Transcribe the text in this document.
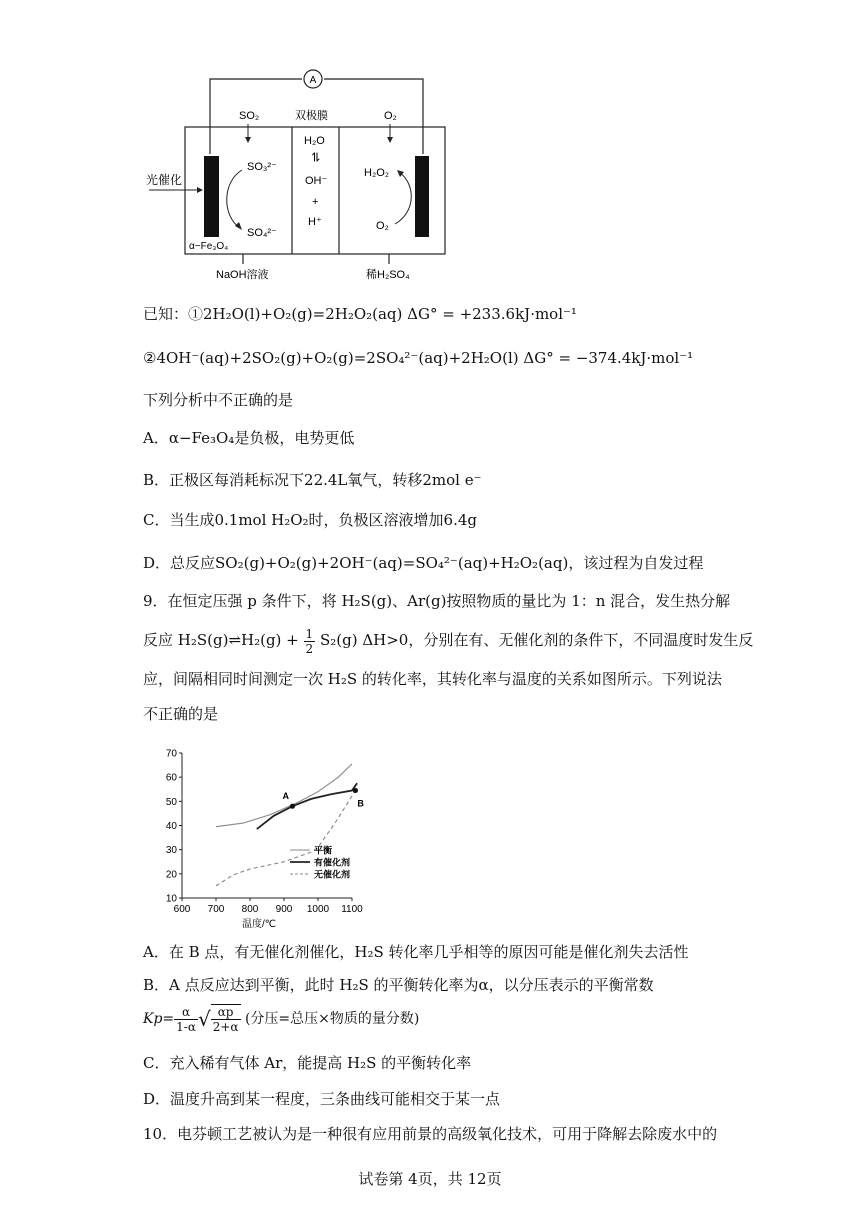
A
光催化
SO₂	O₂
双极膜
SO₃²⁻
SO₄²⁻
H₂O
⇌
OH⁻
+
H⁺
H₂O₂
O₂
α−Fe₃O₄
NaOH溶液	稀H₂SO₄
已知：①2H₂O(l)+O₂(g)=2H₂O₂(aq) ΔG° = +233.6kJ·mol⁻¹
②4OH⁻(aq)+2SO₂(g)+O₂(g)=2SO₄²⁻(aq)+2H₂O(l) ΔG° = −374.4kJ·mol⁻¹
下列分析中不正确的是
A．α−Fe₃O₄是负极，电势更低
B．正极区每消耗标况下22.4L氧气，转移2mol e⁻
C．当生成0.1mol H₂O₂时，负极区溶液增加6.4g
D．总反应SO₂(g)+O₂(g)+2OH⁻(aq)=SO₄²⁻(aq)+H₂O₂(aq)，该过程为自发过程
9．在恒定压强 p 条件下，将 H₂S(g)、Ar(g)按照物质的量比为 1：n 混合，发生热分解
反应 H₂S(g)⇌H₂(g) + $\frac{1}{2} S_2(g)$ ΔH>0，分别在有、无催化剂的条件下，不同温度时发生反
应，间隔相同时间测定一次 H₂S 的转化率，其转化率与温度的关系如图所示。下列说法
不正确的是
10
20
30
40
50
60
70
600 700 800 900 1000 1100
温度/℃
A
B
平衡
有催化剂
无催化剂
A．在 B 点，有无催化剂催化，H₂S 转化率几乎相等的原因可能是催化剂失去活性
B．A 点反应达到平衡，此时 H₂S 的平衡转化率为α，以分压表示的平衡常数
$Kp= \frac{\alpha}{1-\alpha}$ √ $\frac{\alpha p}{2+\alpha}$ (分压=总压×物质的量分数)
C．充入稀有气体 Ar，能提高 H₂S 的平衡转化率
D．温度升高到某一程度，三条曲线可能相交于某一点
10．电芬顿工艺被认为是一种很有应用前景的高级氧化技术，可用于降解去除废水中的
试卷第 4页，共 12页
